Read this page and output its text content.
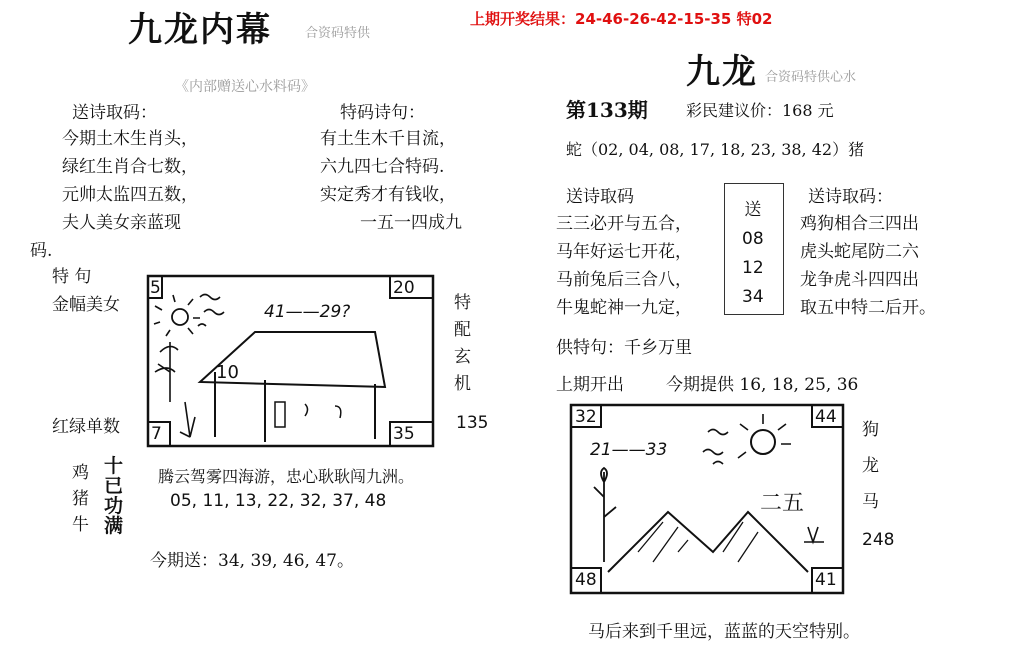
九龙内幕	合资码特供
《内部赠送心水料码》
送诗取码：
今期土木生肖头，
绿红生肖合七数，
元帅太监四五数，
夫人美女亲蓝现
特码诗句：
有土生木千目流，
六九四七合特码.
实定秀才有钱收，
一五一四成九
码.
特 句
金幅美女
红绿单数
5	20
7	35
41——29?
10
特
配
玄
机
135
鸡
猪
牛
十
已
功
满
腾云驾雾四海游，忠心耿耿闯九洲。
05, 11, 13, 22, 32, 37, 48
今期送：34, 39, 46, 47。
上期开奖结果：24-46-26-42-15-35 特02
九龙 合资码特供心水
第133期 彩民建议价：168 元
蛇（02, 04, 08, 17, 18, 23, 38, 42）猪
送诗取码
三三必开与五合，
马年好运七开花，
马前兔后三合八，
牛鬼蛇神一九定，
送
08
12
34
送诗取码：
鸡狗相合三四出
虎头蛇尾防二六
龙争虎斗四四出
取五中特二后开。
供特句：千乡万里
上期开出 今期提供 16, 18, 25, 36
32	44
48	41
21——33
二五
狗
龙
马
248
马后来到千里远，蓝蓝的天空特别。
